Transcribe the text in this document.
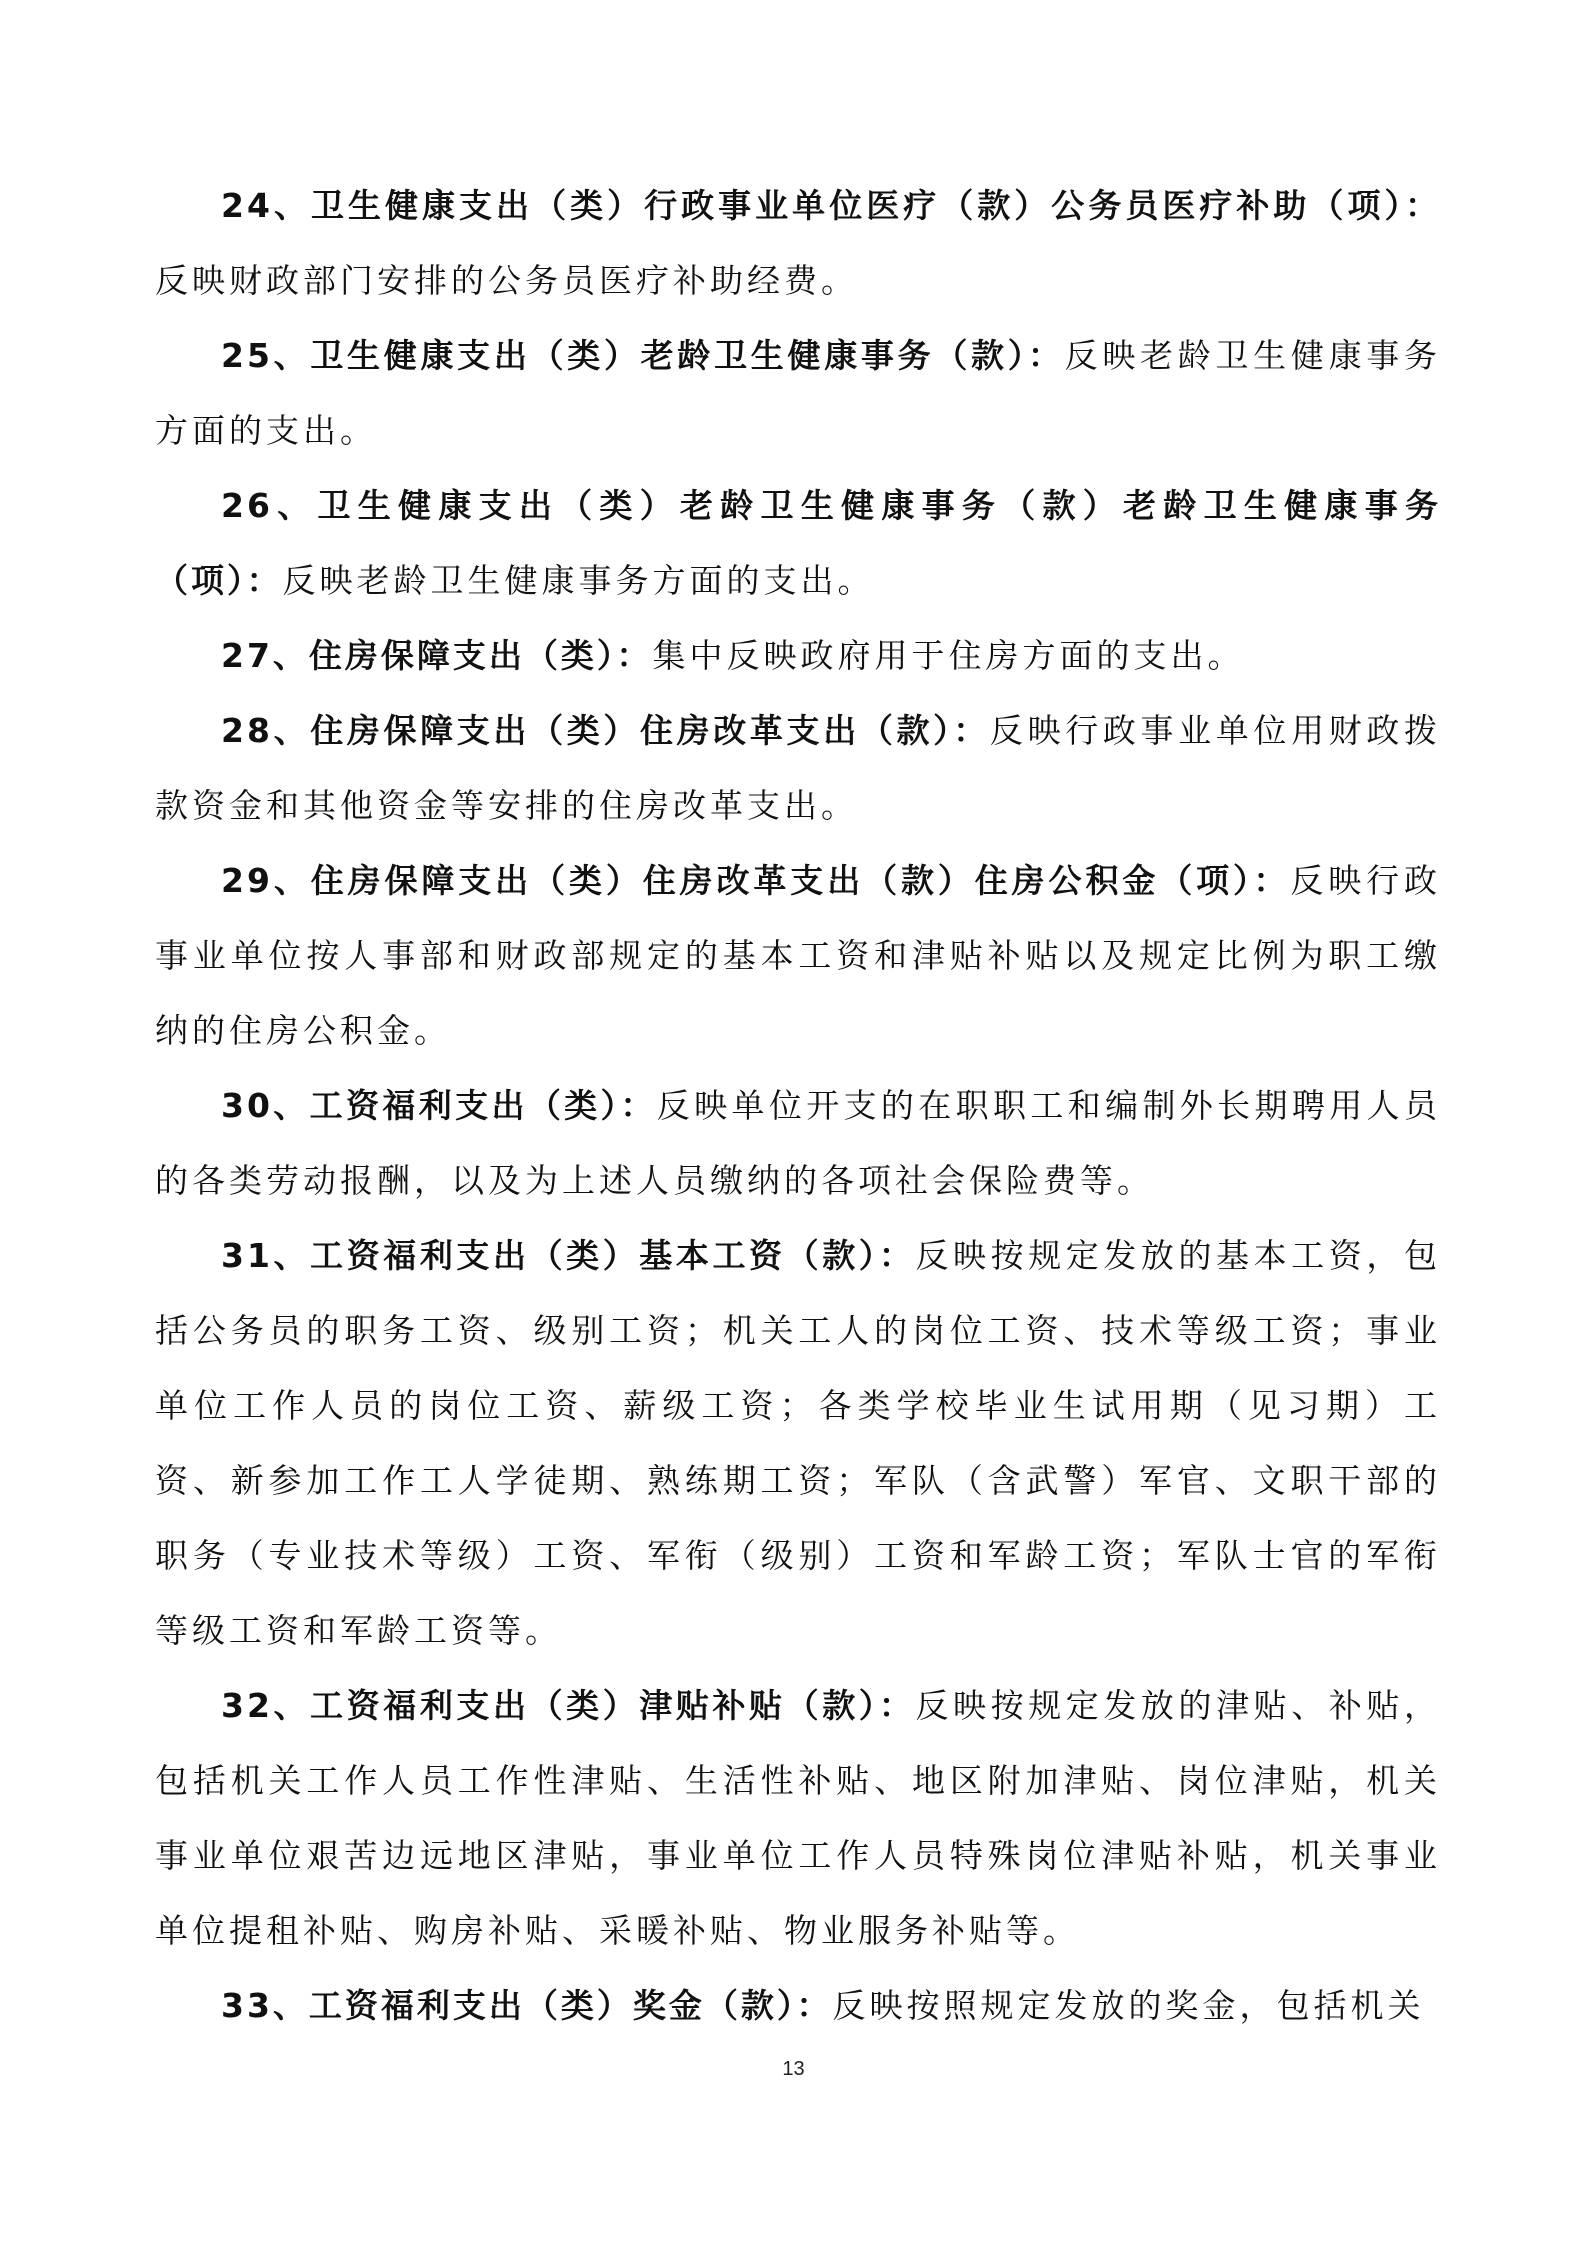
24、卫生健康支出（类）行政事业单位医疗（款）公务员医疗补助（项）：反映财政部门安排的公务员医疗补助经费。

25、卫生健康支出（类）老龄卫生健康事务（款）：反映老龄卫生健康事务方面的支出。

26、卫生健康支出（类）老龄卫生健康事务（款）老龄卫生健康事务（项）：反映老龄卫生健康事务方面的支出。

27、住房保障支出（类）：集中反映政府用于住房方面的支出。

28、住房保障支出（类）住房改革支出（款）：反映行政事业单位用财政拨款资金和其他资金等安排的住房改革支出。

29、住房保障支出（类）住房改革支出（款）住房公积金（项）：反映行政事业单位按人事部和财政部规定的基本工资和津贴补贴以及规定比例为职工缴纳的住房公积金。

30、工资福利支出（类）：反映单位开支的在职职工和编制外长期聘用人员的各类劳动报酬，以及为上述人员缴纳的各项社会保险费等。

31、工资福利支出（类）基本工资（款）：反映按规定发放的基本工资，包括公务员的职务工资、级别工资；机关工人的岗位工资、技术等级工资；事业单位工作人员的岗位工资、薪级工资；各类学校毕业生试用期（见习期）工资、新参加工作工人学徒期、熟练期工资；军队（含武警）军官、文职干部的职务（专业技术等级）工资、军衔（级别）工资和军龄工资；军队士官的军衔等级工资和军龄工资等。

32、工资福利支出（类）津贴补贴（款）：反映按规定发放的津贴、补贴，包括机关工作人员工作性津贴、生活性补贴、地区附加津贴、岗位津贴，机关事业单位艰苦边远地区津贴，事业单位工作人员特殊岗位津贴补贴，机关事业单位提租补贴、购房补贴、采暖补贴、物业服务补贴等。

33、工资福利支出（类）奖金（款）：反映按照规定发放的奖金，包括机关

13
